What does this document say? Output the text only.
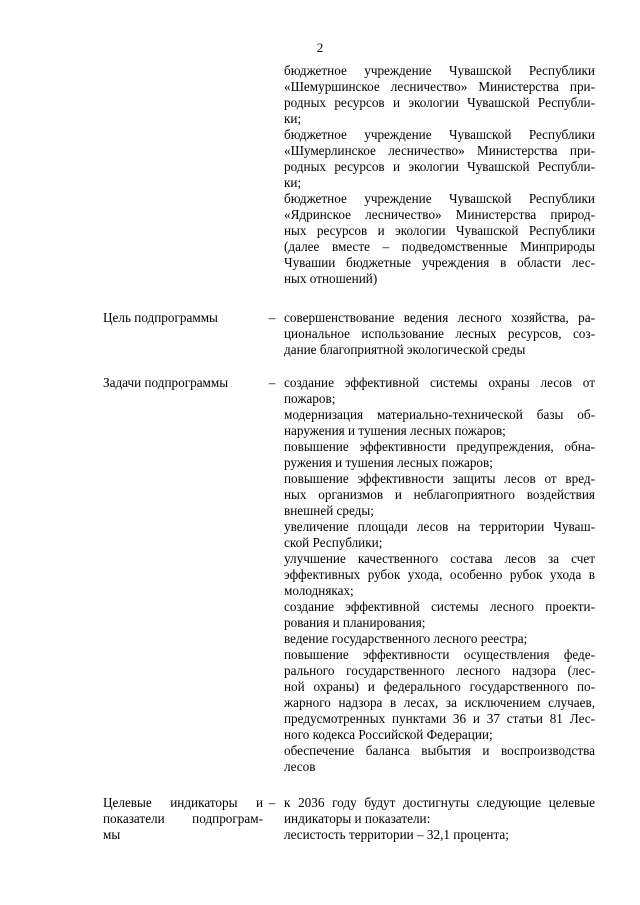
2
бюджетное учреждение Чувашской Республики
«Шемуршинское лесничество» Министерства при-
родных ресурсов и экологии Чувашской Республи-
ки;
бюджетное учреждение Чувашской Республики
«Шумерлинское лесничество» Министерства при-
родных ресурсов и экологии Чувашской Республи-
ки;
бюджетное учреждение Чувашской Республики
«Ядринское лесничество» Министерства природ-
ных ресурсов и экологии Чувашской Республики
(далее вместе – подведомственные Минприроды
Чувашии бюджетные учреждения в области лес-
ных отношений)
Цель подпрограммы	– совершенствование ведения лесного хозяйства, ра-
циональное использование лесных ресурсов, соз-
дание благоприятной экологической среды
Задачи подпрограммы	– создание эффективной системы охраны лесов от
пожаров;
модернизация материально-технической базы об-
наружения и тушения лесных пожаров;
повышение эффективности предупреждения, обна-
ружения и тушения лесных пожаров;
повышение эффективности защиты лесов от вред-
ных организмов и неблагоприятного воздействия
внешней среды;
увеличение площади лесов на территории Чуваш-
ской Республики;
улучшение качественного состава лесов за счет
эффективных рубок ухода, особенно рубок ухода в
молодняках;
создание эффективной системы лесного проекти-
рования и планирования;
ведение государственного лесного реестра;
повышение эффективности осуществления феде-
рального государственного лесного надзора (лес-
ной охраны) и федерального государственного по-
жарного надзора в лесах, за исключением случаев,
предусмотренных пунктами 36 и 37 статьи 81 Лес-
ного кодекса Российской Федерации;
обеспечение баланса выбытия и воспроизводства
лесов
Целевые индикаторы и
показатели подпрограм-
мы
– к 2036 году будут достигнуты следующие целевые
индикаторы и показатели:
лесистость территории – 32,1 процента;
